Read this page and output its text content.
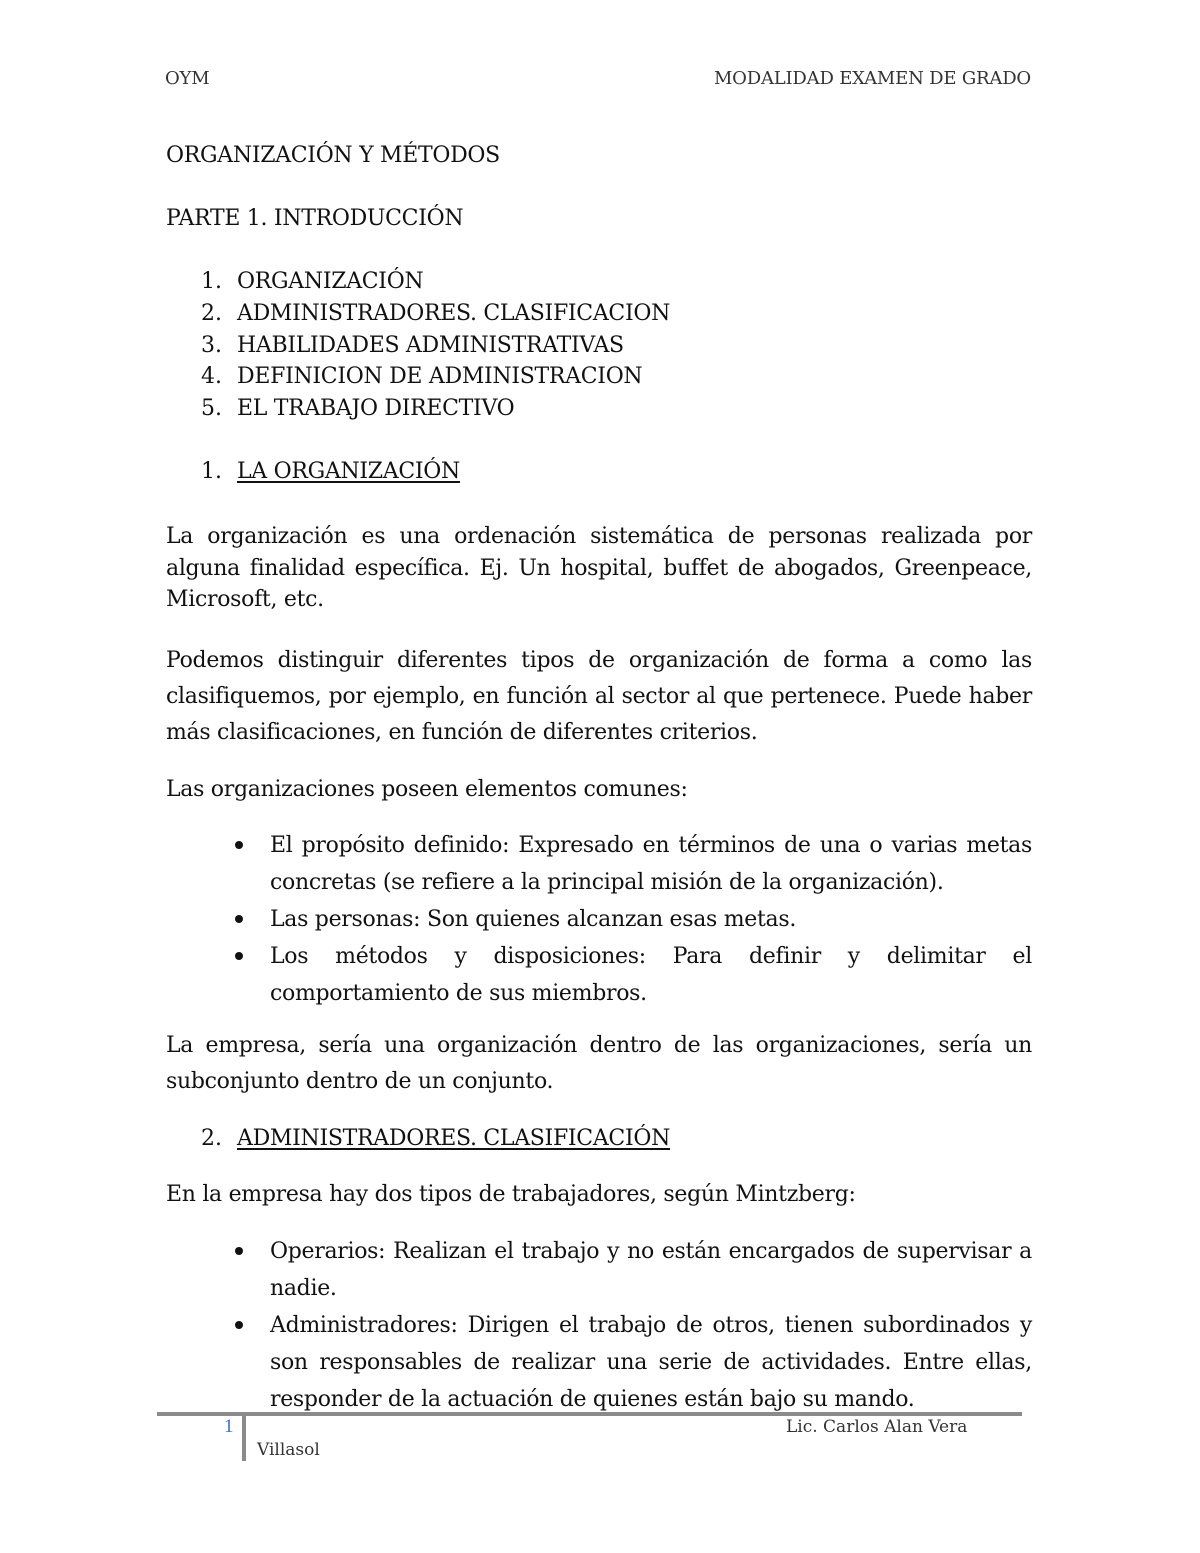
OYM	MODALIDAD EXAMEN DE GRADO
ORGANIZACIÓN Y MÉTODOS
PARTE 1. INTRODUCCIÓN
1. ORGANIZACIÓN
2. ADMINISTRADORES. CLASIFICACION
3. HABILIDADES ADMINISTRATIVAS
4. DEFINICION DE ADMINISTRACION
5. EL TRABAJO DIRECTIVO
1. LA ORGANIZACIÓN
La organización es una ordenación sistemática de personas realizada por alguna finalidad específica. Ej. Un hospital, buffet de abogados, Greenpeace, Microsoft, etc.
Podemos distinguir diferentes tipos de organización de forma a como las clasifiquemos, por ejemplo, en función al sector al que pertenece. Puede haber más clasificaciones, en función de diferentes criterios.
Las organizaciones poseen elementos comunes:
El propósito definido: Expresado en términos de una o varias metas concretas (se refiere a la principal misión de la organización).
Las personas: Son quienes alcanzan esas metas.
Los métodos y disposiciones: Para definir y delimitar el comportamiento de sus miembros.
La empresa, sería una organización dentro de las organizaciones, sería un subconjunto dentro de un conjunto.
2. ADMINISTRADORES. CLASIFICACIÓN
En la empresa hay dos tipos de trabajadores, según Mintzberg:
Operarios: Realizan el trabajo y no están encargados de supervisar a nadie.
Administradores: Dirigen el trabajo de otros, tienen subordinados y son responsables de realizar una serie de actividades. Entre ellas, responder de la actuación de quienes están bajo su mando.
1	Lic. Carlos Alan Vera
Villasol
